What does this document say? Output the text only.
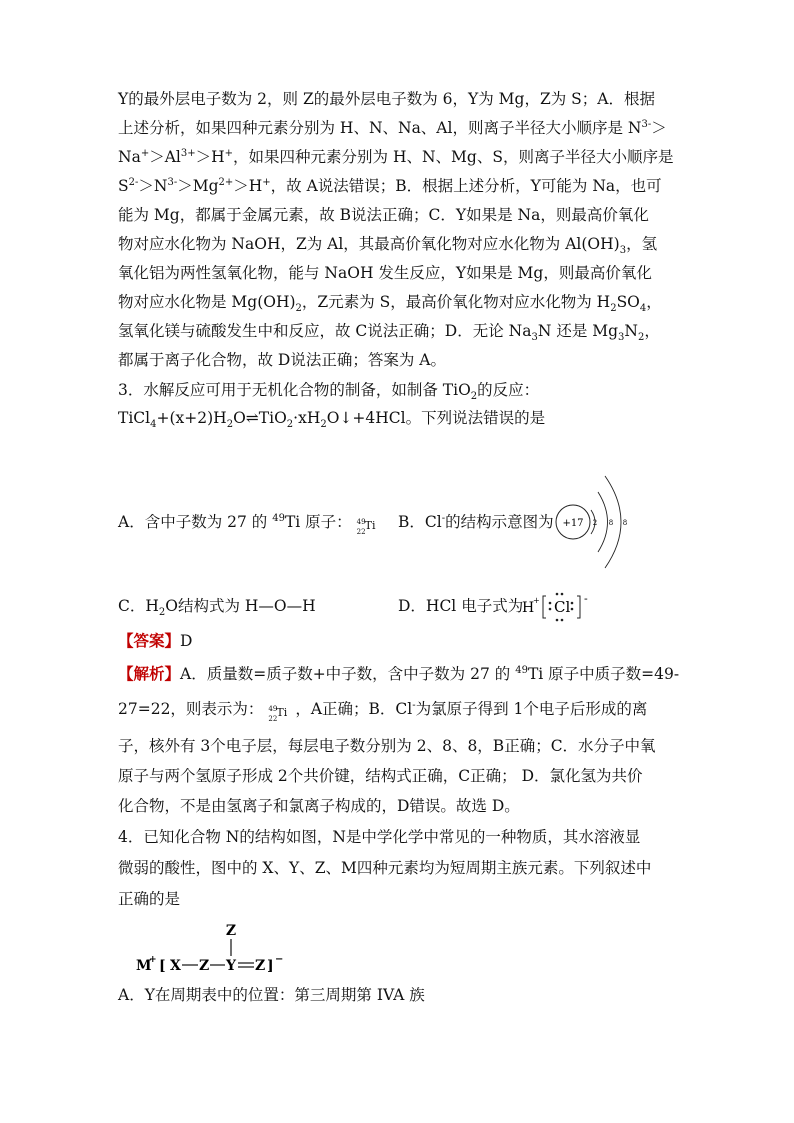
Y的最外层电子数为 2，则 Z的最外层电子数为 6，Y为 Mg，Z为 S；A．根据
上述分析，如果四种元素分别为 H、N、Na、Al，则离子半径大小顺序是 $N^{3-}>$
$Na^+>Al^{3+}>H^+$，如果四种元素分别为 H、N、Mg、S，则离子半径大小顺序是
$S^{2-}>N^{3-}>Mg^{2+}>H^+$，故 A说法错误；B．根据上述分析，Y可能为 Na，也可
能为 Mg，都属于金属元素，故 B说法正确；C．Y如果是 Na，则最高价氧化
物对应水化物为 NaOH，Z为 Al，其最高价氧化物对应水化物为 $Al(OH)_3$，氢
氧化铝为两性氢氧化物，能与 NaOH 发生反应，Y如果是 Mg，则最高价氧化
物对应水化物是 $Mg(OH)_2$，Z元素为 S，最高价氧化物对应水化物为 $H_2SO_4$，
氢氧化镁与硫酸发生中和反应，故 C说法正确；D．无论 $Na_3N$ 还是 $Mg_3N_2$，
都属于离子化合物，故 D说法正确；答案为 A。
3．水解反应可用于无机化合物的制备，如制备 TiO$_2$的反应：
$TiCl_4+(x+2)H_2O\rightleftharpoons TiO_2\cdot xH_2O↓+4HCl$。下列说法错误的是
A．含中子数为 27 的 $^{49}$Ti 原子： 49
22 Ti B．Cl-的结构示意图为 +17 2 8 8
C．$H_2O$结构式为 H—O—H	D．HCl 电子式为
H
+ Cl -
【答案】D
【解析】A．质量数=质子数+中子数，含中子数为 27 的 $^{49}$Ti 原子中质子数=49-
27=22，则表示为： 49
22 Ti ，A正确；B．Cl-为氯原子得到 1个电子后形成的离
子，核外有 3个电子层，每层电子数分别为 2、8、8，B正确；C．水分子中氧
原子与两个氢原子形成 2个共价键，结构式正确，C正确； D．氯化氢为共价
化合物，不是由氢离子和氯离子构成的，D错误。故选 D。
4．已知化合物 N的结构如图，N是中学化学中常见的一种物质，其水溶液显
微弱的酸性，图中的 X、Y、Z、M四种元素均为短周期主族元素。下列叙述中
正确的是
Z
M
+ [ X Z Y Z ] −
A．Y在周期表中的位置：第三周期第 IVA 族
